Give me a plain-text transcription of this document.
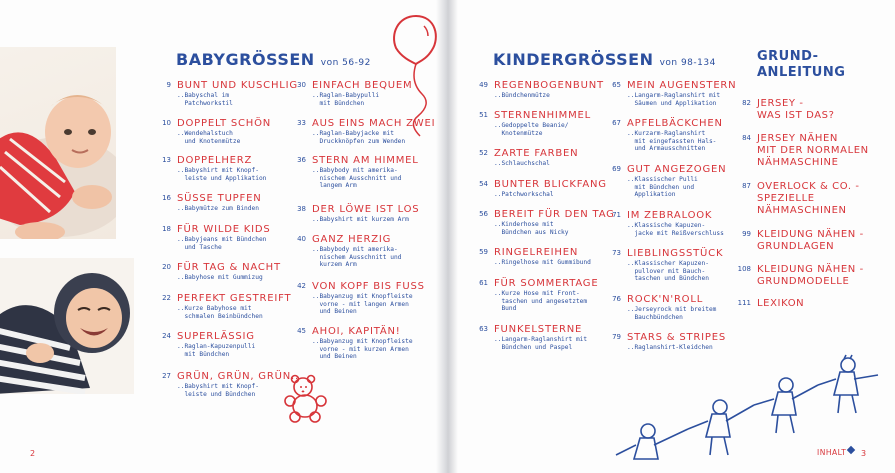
BABYGRÖSSEN von 56-92
9 BUNT UND KUSCHLIG
..Babyschal im
Patchworkstil
10 DOPPELT SCHÖN
..Wendehalstuch
und Knotenmütze
13 DOPPELHERZ
..Babyshirt mit Knopf-
leiste und Applikation
16 SÜSSE TUPFEN
..Babymütze zum Binden
18 FÜR WILDE KIDS
..Babyjeans mit Bündchen
und Tasche
20 FÜR TAG & NACHT
..Babyhose mit Gummizug
22 PERFEKT GESTREIFT
..Kurze Babyhose mit
schmalen Beinbündchen
24 SUPERLÄSSIG
..Raglan-Kapuzenpulli
mit Bündchen
27 GRÜN, GRÜN, GRÜN...
..Babyshirt mit Knopf-
leiste und Bündchen
30 EINFACH BEQUEM
..Raglan-Babypulli
mit Bündchen
33 AUS EINS MACH ZWEI
..Raglan-Babyjacke mit
Druckknöpfen zum Wenden
36 STERN AM HIMMEL
..Babybody mit amerika-
nischem Ausschnitt und
langem Arm
38 DER LÖWE IST LOS
..Babyshirt mit kurzem Arm
40 GANZ HERZIG
..Babybody mit amerika-
nischem Ausschnitt und
kurzem Arm
42 VON KOPF BIS FUSS
..Babyanzug mit Knopfleiste
vorne - mit langen Armen
und Beinen
45 AHOI, KAPITÄN!
..Babyanzug mit Knopfleiste
vorne - mit kurzen Armen
und Beinen
KINDERGRÖSSEN von 98-134	GRUND-
ANLEITUNG
49 REGENBOGENBUNT
..Bündchenmütze
51 STERNENHIMMEL
..Gedoppelte Beanie/
Knotenmütze
52 ZARTE FARBEN
..Schlauchschal
54 BUNTER BLICKFANG
..Patchworkschal
56 BEREIT FÜR DEN TAG
..Kinderhose mit
Bündchen aus Nicky
59 RINGELREIHEN
..Ringelhose mit Gummibund
61 FÜR SOMMERTAGE
..Kurze Hose mit Front-
taschen und angesetztem
Bund
63 FUNKELSTERNE
..Langarm-Raglanshirt mit
Bündchen und Paspel
65 MEIN AUGENSTERN
..Langarm-Raglanshirt mit
Säumen und Applikation
67 APFELBÄCKCHEN
..Kurzarm-Raglanshirt
mit eingefassten Hals-
und Armausschnitten
69 GUT ANGEZOGEN
..Klassischer Pulli
mit Bündchen und
Applikation
71 IM ZEBRALOOK
..Klassische Kapuzen-
jacke mit Reißverschluss
73 LIEBLINGSSTÜCK
..Klassischer Kapuzen-
pullover mit Bauch-
taschen und Bündchen
76 ROCK'N'ROLL
..Jerseyrock mit breitem
Bauchbündchen
79 STARS & STRIPES
..Raglanshirt-Kleidchen
82 JERSEY -
WAS IST DAS?
84 JERSEY NÄHEN
MIT DER NORMALEN
NÄHMASCHINE
87 OVERLOCK & CO. -
SPEZIELLE
NÄHMASCHINEN
99 KLEIDUNG NÄHEN -
GRUNDLAGEN
108 KLEIDUNG NÄHEN -
GRUNDMODELLE
111 LEXIKON
2	INHALT 3
